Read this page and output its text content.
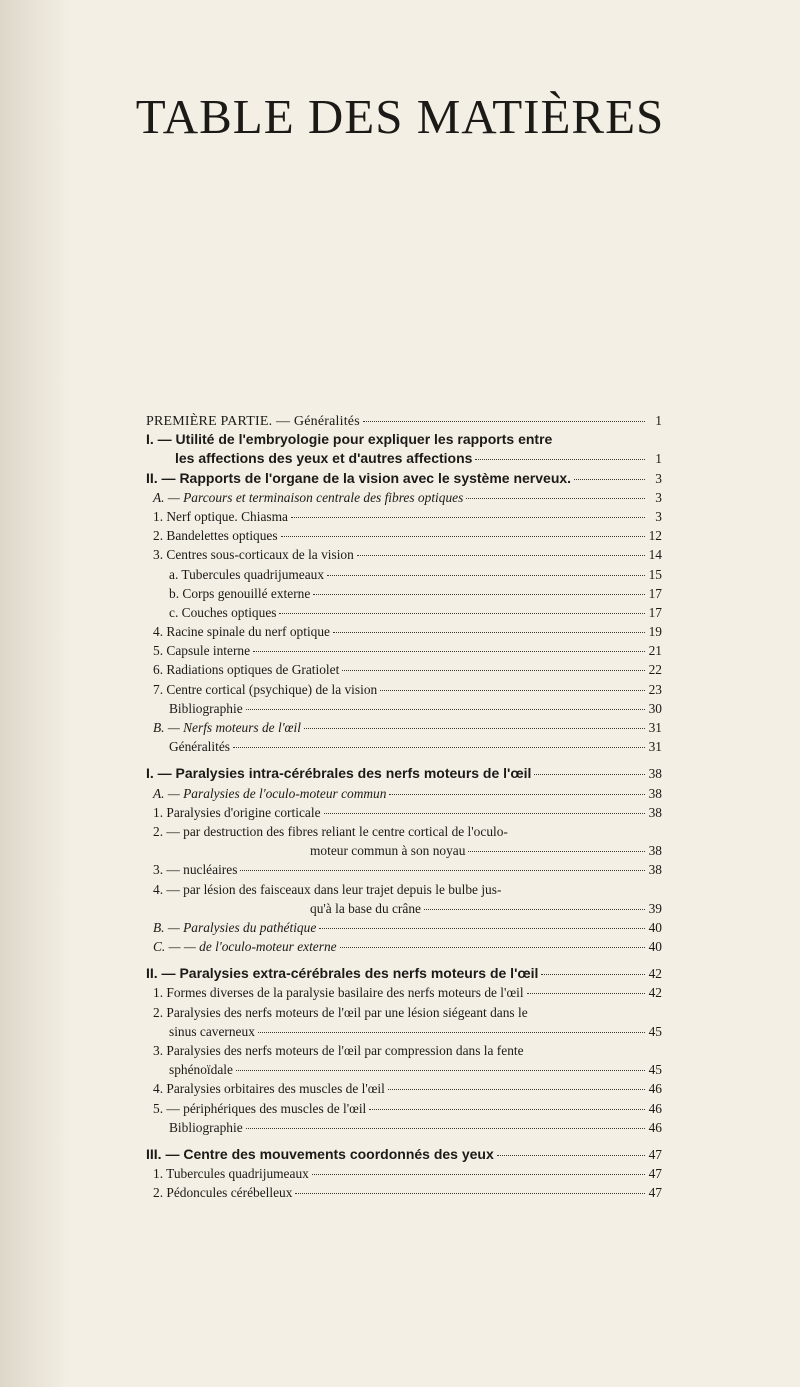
TABLE DES MATIÈRES
PREMIÈRE PARTIE. — Généralités	1
I. — Utilité de l'embryologie pour expliquer les rapports entre
les affections des yeux et d'autres affections	1
II. — Rapports de l'organe de la vision avec le système nerveux.	3
A. — Parcours et terminaison centrale des fibres optiques	3
1. Nerf optique. Chiasma	3
2. Bandelettes optiques	12
3. Centres sous-corticaux de la vision	14
a. Tubercules quadrijumeaux	15
b. Corps genouillé externe	17
c. Couches optiques	17
4. Racine spinale du nerf optique	19
5. Capsule interne	21
6. Radiations optiques de Gratiolet	22
7. Centre cortical (psychique) de la vision	23
Bibliographie	30
B. — Nerfs moteurs de l'œil	31
Généralités	31
I. — Paralysies intra-cérébrales des nerfs moteurs de l'œil	38
A. — Paralysies de l'oculo-moteur commun	38
1. Paralysies d'origine corticale	38
2. — par destruction des fibres reliant le centre cortical de l'oculo-
moteur commun à son noyau	38
3. — nucléaires	38
4. — par lésion des faisceaux dans leur trajet depuis le bulbe jus-
qu'à la base du crâne	39
B. — Paralysies du pathétique	40
C. — — de l'oculo-moteur externe	40
II. — Paralysies extra-cérébrales des nerfs moteurs de l'œil	42
1. Formes diverses de la paralysie basilaire des nerfs moteurs de l'œil	42
2. Paralysies des nerfs moteurs de l'œil par une lésion siégeant dans le
sinus caverneux	45
3. Paralysies des nerfs moteurs de l'œil par compression dans la fente
sphénoïdale	45
4. Paralysies orbitaires des muscles de l'œil	46
5. — périphériques des muscles de l'œil	46
Bibliographie	46
III. — Centre des mouvements coordonnés des yeux	47
1. Tubercules quadrijumeaux	47
2. Pédoncules cérébelleux	47
